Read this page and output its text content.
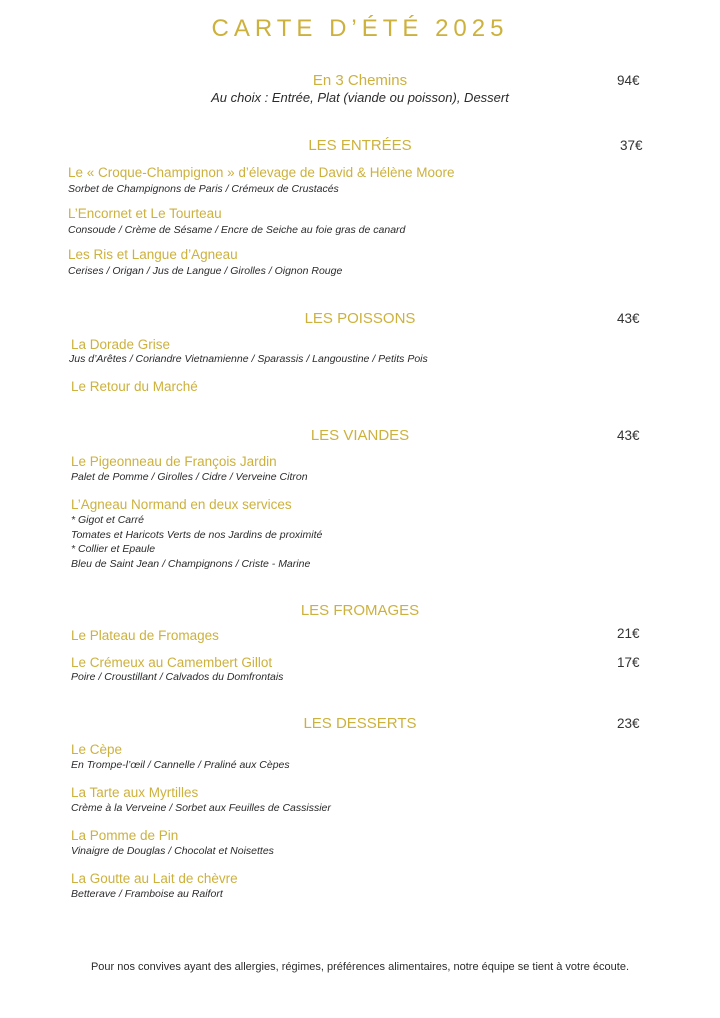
CARTE D’ÉTÉ 2025
En 3 Chemins	94€
Au choix : Entrée, Plat (viande ou poisson), Dessert
LES ENTRÉES	37€
Le « Croque-Champignon » d’élevage de David & Hélène Moore
Sorbet de Champignons de Paris / Crémeux de Crustacés
L’Encornet et Le Tourteau
Consoude / Crème de Sésame / Encre de Seiche au foie gras de canard
Les Ris et Langue d’Agneau
Cerises / Origan / Jus de Langue / Girolles / Oignon Rouge
LES POISSONS	43€
La Dorade Grise
Jus d’Arêtes / Coriandre Vietnamienne / Sparassis / Langoustine / Petits Pois
Le Retour du Marché
LES VIANDES	43€
Le Pigeonneau de François Jardin
Palet de Pomme / Girolles / Cidre / Verveine Citron
L’Agneau Normand en deux services
* Gigot et Carré
Tomates et Haricots Verts de nos Jardins de proximité
* Collier et Epaule
Bleu de Saint Jean / Champignons / Criste - Marine
LES FROMAGES
Le Plateau de Fromages	21€
Le Crémeux au Camembert Gillot	17€
Poire / Croustillant / Calvados du Domfrontais
LES DESSERTS	23€
Le Cèpe
En Trompe-l’œil / Cannelle / Praliné aux Cèpes
La Tarte aux Myrtilles
Crème à la Verveine / Sorbet aux Feuilles de Cassissier
La Pomme de Pin
Vinaigre de Douglas / Chocolat et Noisettes
La Goutte au Lait de chèvre
Betterave / Framboise au Raifort
Pour nos convives ayant des allergies, régimes, préférences alimentaires, notre équipe se tient à votre écoute.
